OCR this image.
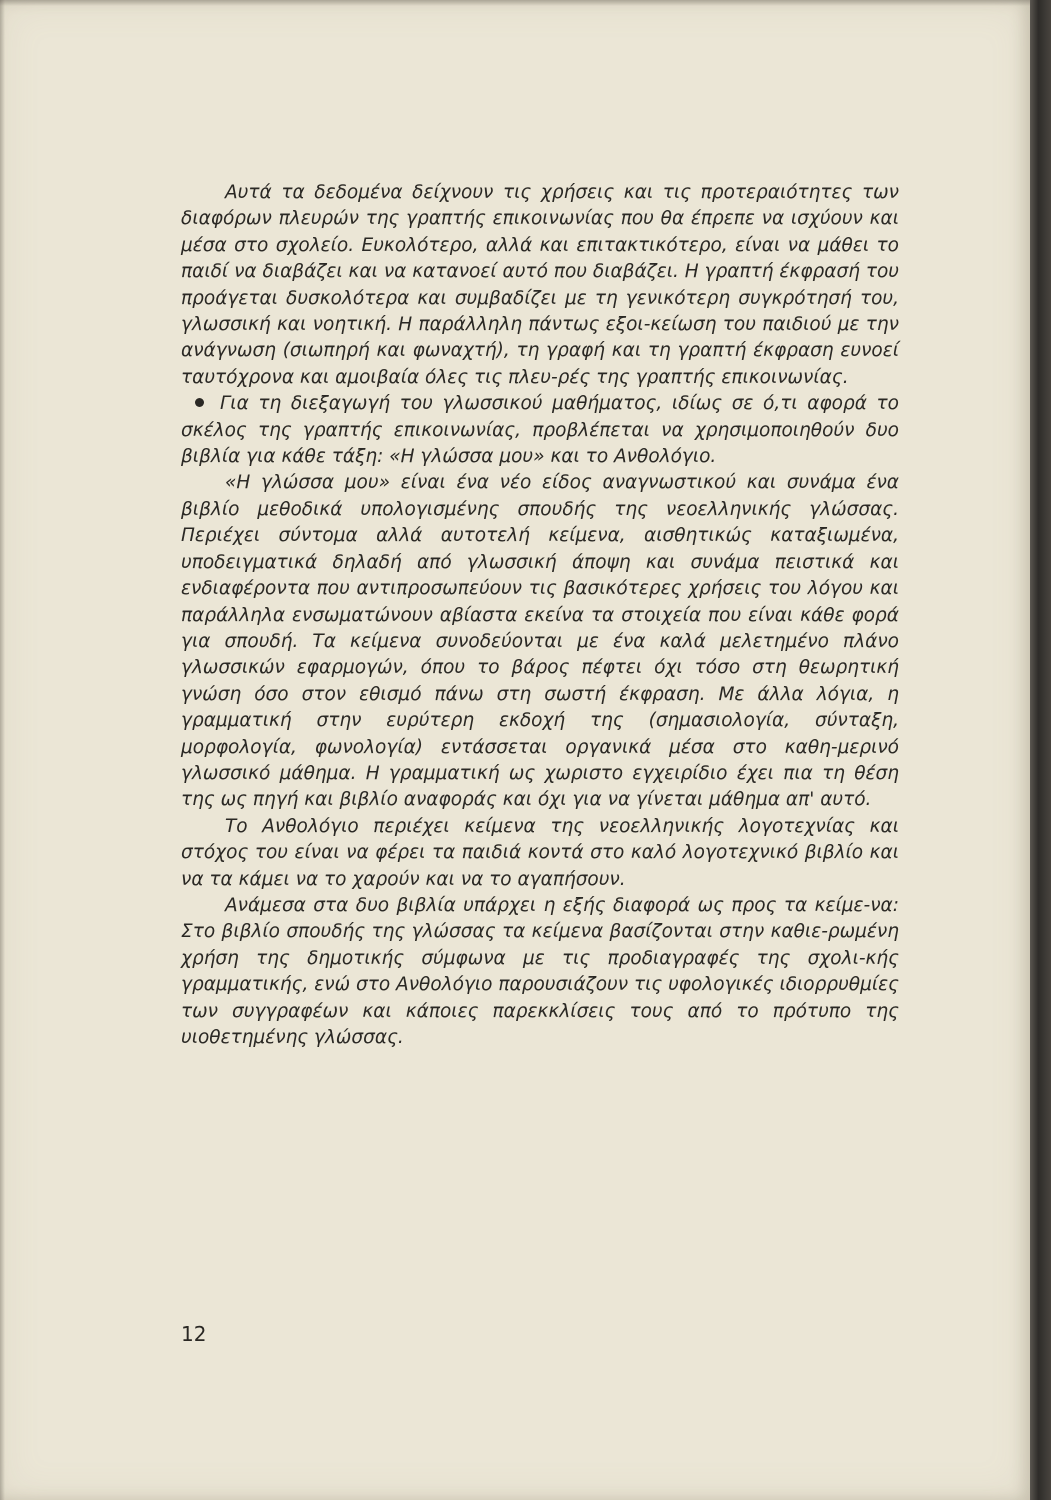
Αυτά τα δεδομένα δείχνουν τις χρήσεις και τις προτεραιότητες των διαφόρων πλευρών της γραπτής επικοινωνίας που θα έπρεπε να ισχύουν και μέσα στο σχολείο. Ευκολότερο, αλλά και επιτακτικότερο, είναι να μάθει το παιδί να διαβάζει και να κατανοεί αυτό που διαβάζει. Η γραπτή έκφρασή του προάγεται δυσκολότερα και συμβαδίζει με τη γενικότερη συγκρότησή του, γλωσσική και νοητική. Η παράλληλη πάντως εξοι-κείωση του παιδιού με την ανάγνωση (σιωπηρή και φωναχτή), τη γραφή και τη γραπτή έκφραση ευνοεί ταυτόχρονα και αμοιβαία όλες τις πλευ-ρές της γραπτής επικοινωνίας.

Για τη διεξαγωγή του γλωσσικού μαθήματος, ιδίως σε ό,τι αφορά το σκέλος της γραπτής επικοινωνίας, προβλέπεται να χρησιμοποιηθούν δυο βιβλία για κάθε τάξη: «Η γλώσσα μου» και το Ανθολόγιο.

«Η γλώσσα μου» είναι ένα νέο είδος αναγνωστικού και συνάμα ένα βιβλίο μεθοδικά υπολογισμένης σπουδής της νεοελληνικής γλώσσας. Περιέχει σύντομα αλλά αυτοτελή κείμενα, αισθητικώς καταξιωμένα, υποδειγματικά δηλαδή από γλωσσική άποψη και συνάμα πειστικά και ενδιαφέροντα που αντιπροσωπεύουν τις βασικότερες χρήσεις του λόγου και παράλληλα ενσωματώνουν αβίαστα εκείνα τα στοιχεία που είναι κάθε φορά για σπουδή. Τα κείμενα συνοδεύονται με ένα καλά μελετημένο πλάνο γλωσσικών εφαρμογών, όπου το βάρος πέφτει όχι τόσο στη θεωρητική γνώση όσο στον εθισμό πάνω στη σωστή έκφραση. Με άλλα λόγια, η γραμματική στην ευρύτερη εκδοχή της (σημασιολογία, σύνταξη, μορφολογία, φωνολογία) εντάσσεται οργανικά μέσα στο καθη-μερινό γλωσσικό μάθημα. Η γραμματική ως χωριστο εγχειρίδιο έχει πια τη θέση της ως πηγή και βιβλίο αναφοράς και όχι για να γίνεται μάθημα απ' αυτό.

Το Ανθολόγιο περιέχει κείμενα της νεοελληνικής λογοτεχνίας και στόχος του είναι να φέρει τα παιδιά κοντά στο καλό λογοτεχνικό βιβλίο και να τα κάμει να το χαρούν και να το αγαπήσουν.

Ανάμεσα στα δυο βιβλία υπάρχει η εξής διαφορά ως προς τα κείμε-να: Στο βιβλίο σπουδής της γλώσσας τα κείμενα βασίζονται στην καθιε-ρωμένη χρήση της δημοτικής σύμφωνα με τις προδιαγραφές της σχολι-κής γραμματικής, ενώ στο Ανθολόγιο παρουσιάζουν τις υφολογικές ιδιορρυθμίες των συγγραφέων και κάποιες παρεκκλίσεις τους από το πρότυπο της υιοθετημένης γλώσσας.

12
